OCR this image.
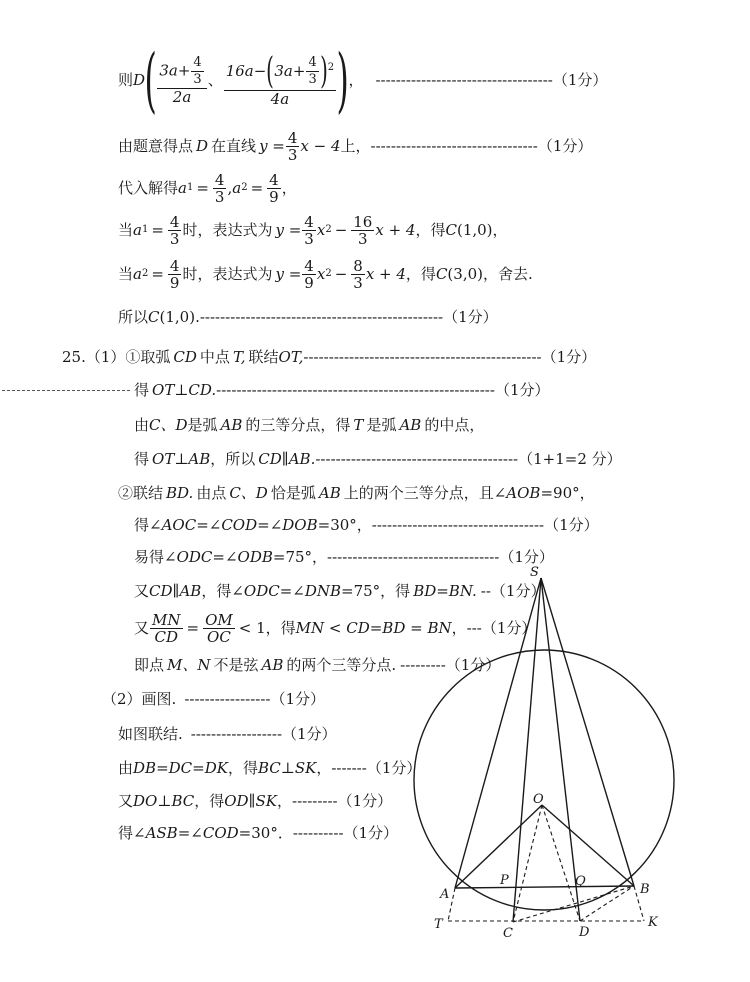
则 D ( $\frac{3a+ \frac{4}{3}}{2a}$ 、 $\frac{16a-(3a+ \frac{4}{3} )^2}{4a}$ ) ， ----------------------------------- （1分）
由题意得点 D 在直线 $y = \frac{4}{3}$ x − 4 上， --------------------------------- （1分）
代入解得 a $1 = \frac{4}{3}$ , a $2 = \frac{4}{9}$ ，
当 a $1 = \frac{4}{3}$ 时，表达式为 $y = \frac{4}{3}$ x $2 - \frac{16}{3}$ x + 4 ，得 C (1,0) ，
当 a $2 = \frac{4}{9}$ 时，表达式为 $y = \frac{4}{9}$ x $2 - \frac{8}{3}$ x + 4 ，得 C (3,0) ，舍去.
所以C(1,0).------------------------------------------------（1分）
25.（1）①取弧 CD 中点 T, 联结OT,-----------------------------------------------（1分）
得 OT⊥CD.-------------------------------------------------------（1分）
由C、D是弧 AB 的三等分点，得 T 是弧 AB 的中点，
得 OT⊥AB，所以 CD∥AB.----------------------------------------（1+1=2 分）
②联结 BD. 由点 C、D 恰是弧 AB 上的两个三等分点，且∠AOB=90°，
得∠AOC=∠COD=∠DOB=30°，----------------------------------（1分）
易得∠ODC=∠ODB=75°，----------------------------------（1分）
又CD∥AB，得∠ODC=∠DNB=75°，得 BD=BN. --（1分）
又 $\frac{MN}{CD} = \frac{OM}{OC} < 1$ ，得 MN < CD=BD = BN ， --- （1分）
即点 M、N 不是弦 AB 的两个三等分点. ---------（1分）
（2）画图. -----------------（1分）
如图联结. ------------------（1分）
由DB=DC=DK，得BC⊥SK，-------（1分）
又DO⊥BC，得OD∥SK，---------（1分）
得∠ASB=∠COD=30°．----------（1分）
S
O
A	B
P	Q
C	D
T	K
